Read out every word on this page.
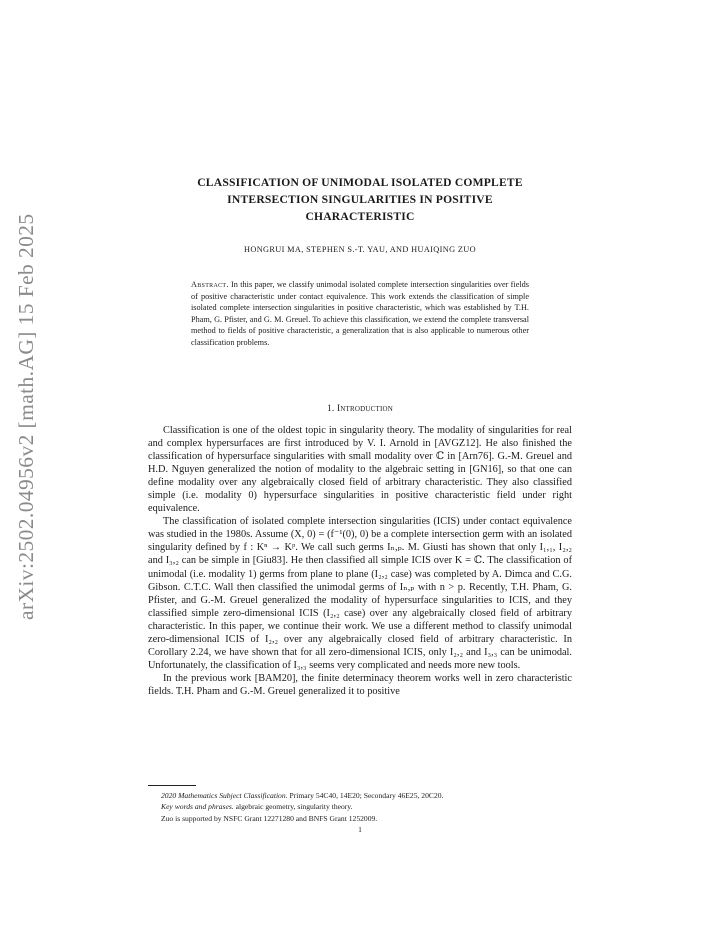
arXiv:2502.04956v2 [math.AG] 15 Feb 2025
CLASSIFICATION OF UNIMODAL ISOLATED COMPLETE
INTERSECTION SINGULARITIES IN POSITIVE
CHARACTERISTIC
HONGRUI MA, STEPHEN S.-T. YAU, AND HUAIQING ZUO
Abstract. In this paper, we classify unimodal isolated complete intersection singularities over fields of positive characteristic under contact equivalence. This work extends the classification of simple isolated complete intersection singularities in positive characteristic, which was established by T.H. Pham, G. Pfister, and G. M. Greuel. To achieve this classification, we extend the complete transversal method to fields of positive characteristic, a generalization that is also applicable to numerous other classification problems.
1. Introduction

Classification is one of the oldest topic in singularity theory. The modality of singularities for real and complex hypersurfaces are first introduced by V. I. Arnold in [AVGZ12]. He also finished the classification of hypersurface singularities with small modality over ℂ in [Arn76]. G.-M. Greuel and H.D. Nguyen generalized the notion of modality to the algebraic setting in [GN16], so that one can define modality over any algebraically closed field of arbitrary characteristic. They also classified simple (i.e. modality 0) hypersurface singularities in positive characteristic field under right equivalence.

The classification of isolated complete intersection singularities (ICIS) under contact equivalence was studied in the 1980s. Assume (X, 0) = (f⁻¹(0), 0) be a complete intersection germ with an isolated singularity defined by f : Kⁿ → Kᵖ. We call such germs Iₙ,ₚ. M. Giusti has shown that only I₁,₁, I₂,₂ and I₃,₂ can be simple in [Giu83]. He then classified all simple ICIS over K = ℂ. The classification of unimodal (i.e. modality 1) germs from plane to plane (I₂,₂ case) was completed by A. Dimca and C.G. Gibson. C.T.C. Wall then classified the unimodal germs of Iₙ,ₚ with n > p. Recently, T.H. Pham, G. Pfister, and G.-M. Greuel generalized the modality of hypersurface singularities to ICIS, and they classified simple zero-dimensional ICIS (I₂,₂ case) over any algebraically closed field of arbitrary characteristic. In this paper, we continue their work. We use a different method to classify unimodal zero-dimensional ICIS of I₂,₂ over any algebraically closed field of arbitrary characteristic. In Corollary 2.24, we have shown that for all zero-dimensional ICIS, only I₂,₂ and I₃,₃ can be unimodal. Unfortunately, the classification of I₃,₃ seems very complicated and needs more new tools.

In the previous work [BAM20], the finite determinacy theorem works well in zero characteristic fields. T.H. Pham and G.-M. Greuel generalized it to positive

2020 Mathematics Subject Classification. Primary 54C40, 14E20; Secondary 46E25, 20C20.
Key words and phrases. algebraic geometry, singularity theory.
Zuo is supported by NSFC Grant 12271280 and BNFS Grant 1252009.
1
